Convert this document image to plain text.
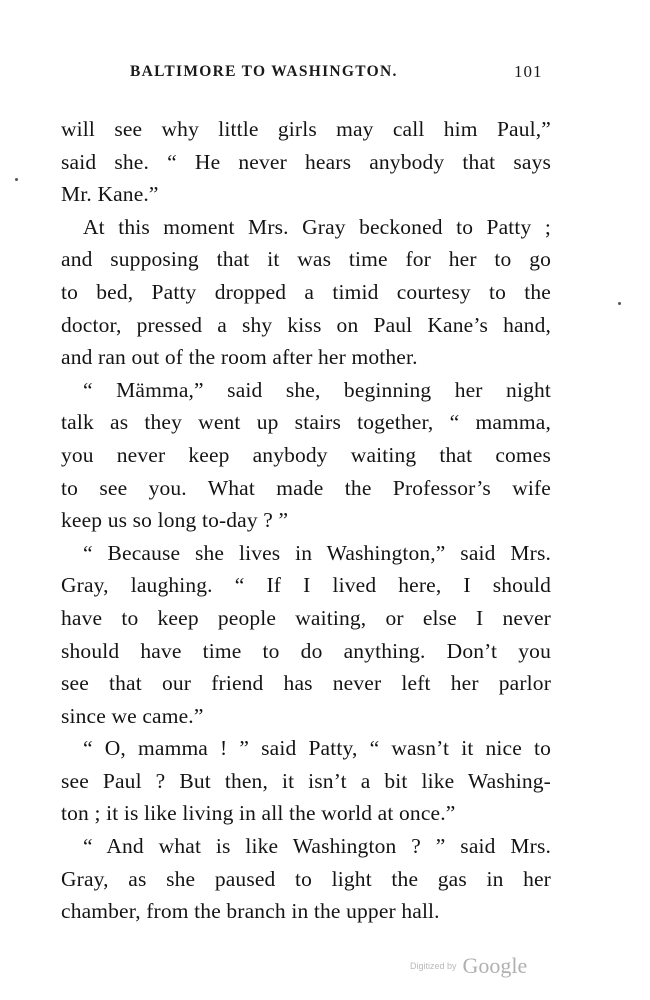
BALTIMORE TO WASHINGTON.	101
will see why little girls may call him Paul,”
said she. “ He never hears anybody that says
Mr. Kane.”
At this moment Mrs. Gray beckoned to Patty ;
and supposing that it was time for her to go
to bed, Patty dropped a timid courtesy to the
doctor, pressed a shy kiss on Paul Kane’s hand,
and ran out of the room after her mother.
“ Mämma,” said she, beginning her night
talk as they went up stairs together, “ mamma,
you never keep anybody waiting that comes
to see you. What made the Professor’s wife
keep us so long to-day ? ”
“ Because she lives in Washington,” said Mrs.
Gray, laughing. “ If I lived here, I should
have to keep people waiting, or else I never
should have time to do anything. Don’t you
see that our friend has never left her parlor
since we came.”
“ O, mamma ! ” said Patty, “ wasn’t it nice to
see Paul ? But then, it isn’t a bit like Washing-
ton ; it is like living in all the world at once.”
“ And what is like Washington ? ” said Mrs.
Gray, as she paused to light the gas in her
chamber, from the branch in the upper hall.
Digitized by Google
